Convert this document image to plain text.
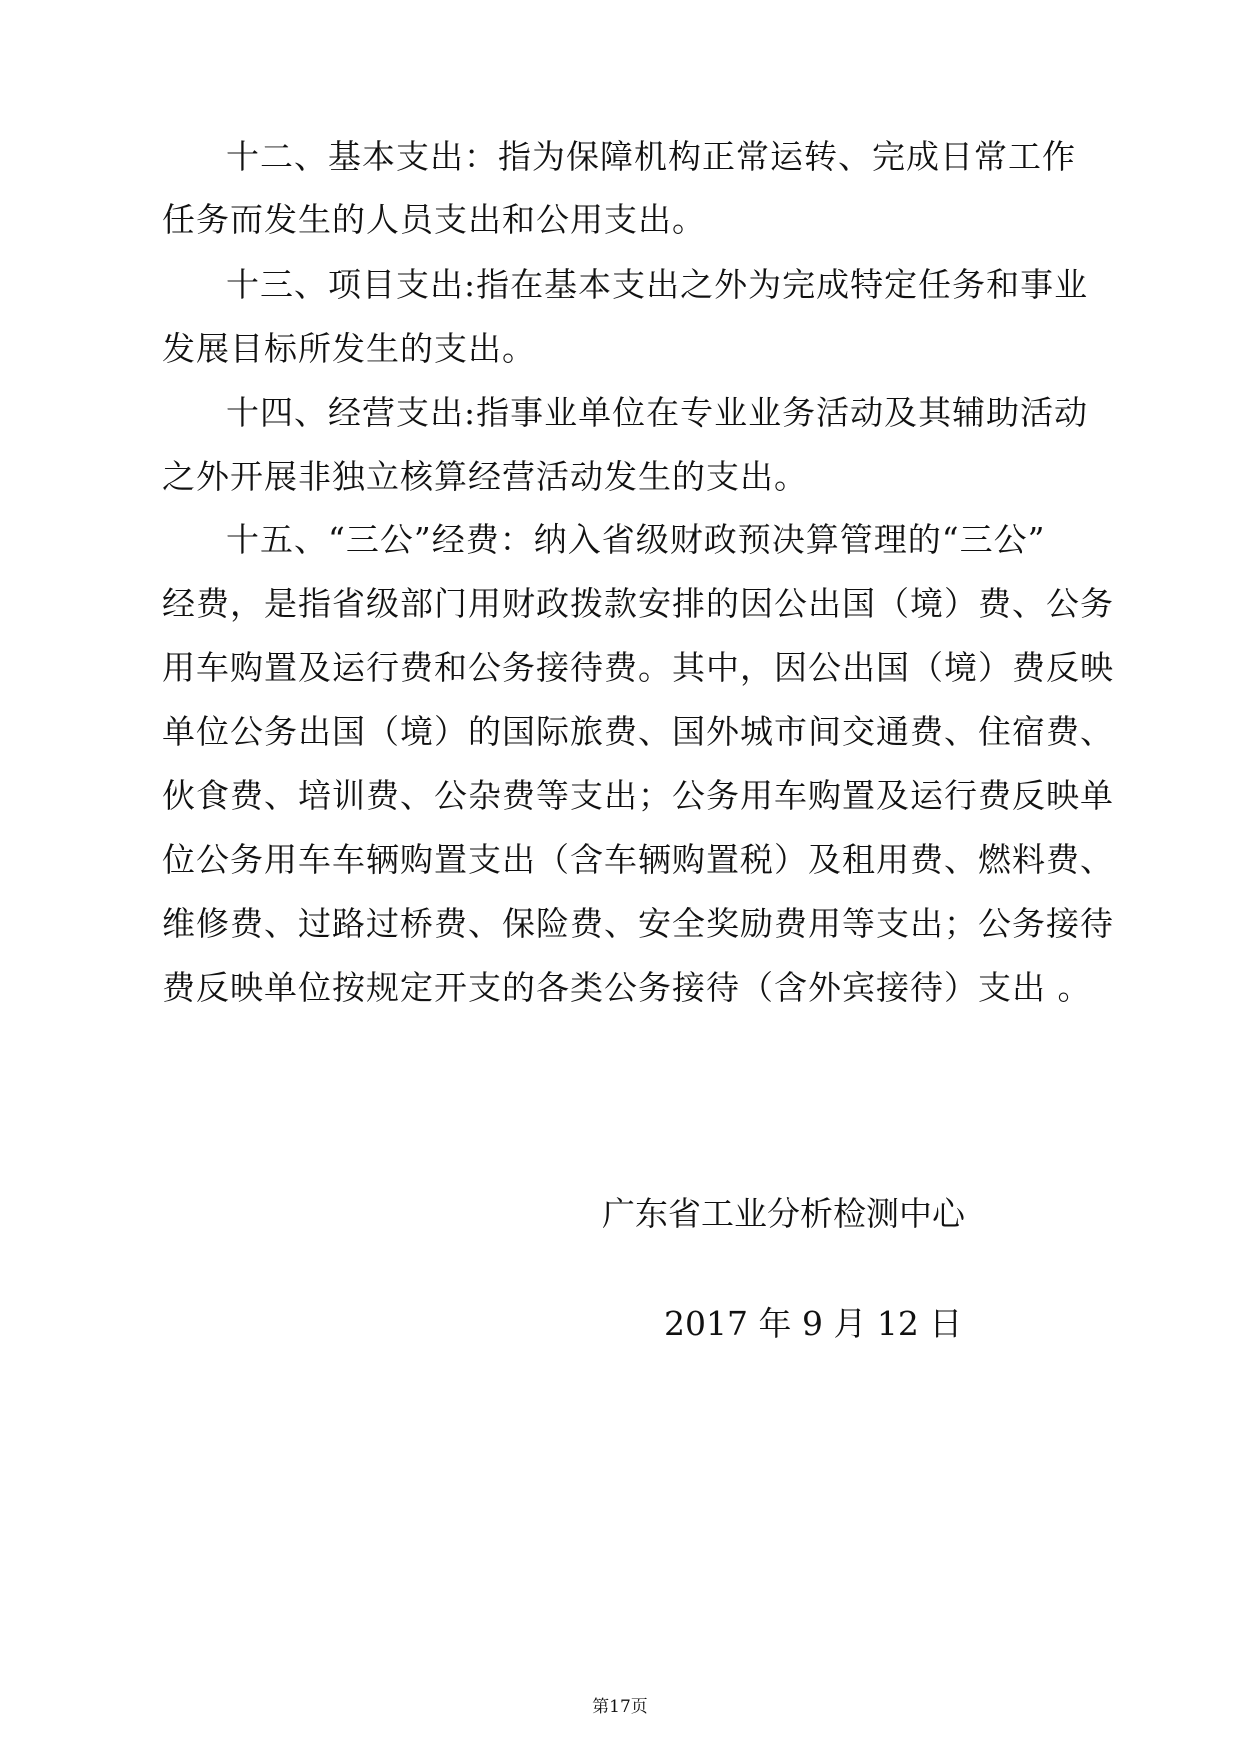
十二、基本支出：指为保障机构正常运转、完成日常工作
任务而发生的人员支出和公用支出。
十三、项目支出:指在基本支出之外为完成特定任务和事业
发展目标所发生的支出。
十四、经营支出:指事业单位在专业业务活动及其辅助活动
之外开展非独立核算经营活动发生的支出。
十五、“三公”经费：纳入省级财政预决算管理的“三公”
经费，是指省级部门用财政拨款安排的因公出国（境）费、公务
用车购置及运行费和公务接待费。其中，因公出国（境）费反映
单位公务出国（境）的国际旅费、国外城市间交通费、住宿费、
伙食费、培训费、公杂费等支出；公务用车购置及运行费反映单
位公务用车车辆购置支出（含车辆购置税）及租用费、燃料费、
维修费、过路过桥费、保险费、安全奖励费用等支出；公务接待
费反映单位按规定开支的各类公务接待（含外宾接待）支出 。
广东省工业分析检测中心
2017 年 9 月 12 日
第17页
